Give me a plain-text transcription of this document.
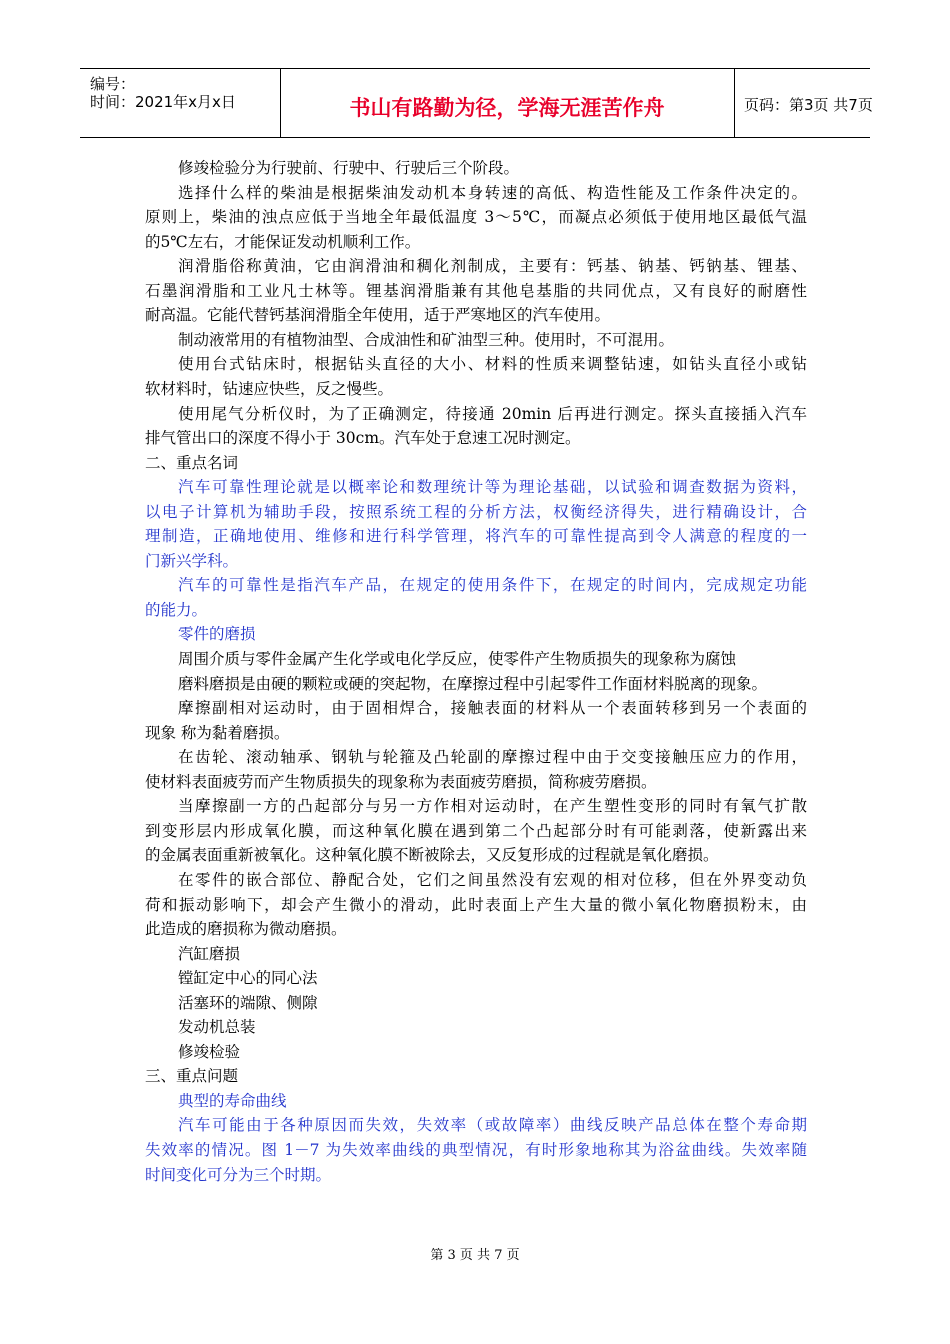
编号：
时间：2021年x月x日	书山有路勤为径，学海无涯苦作舟	页码：第3页 共7页
修竣检验分为行驶前、行驶中、行驶后三个阶段。
选择什么样的柴油是根据柴油发动机本身转速的高低、构造性能及工作条件决定的。
原则上，柴油的浊点应低于当地全年最低温度 3～5℃，而凝点必须低于使用地区最低气温
的5℃左右，才能保证发动机顺利工作。
润滑脂俗称黄油，它由润滑油和稠化剂制成，主要有：钙基、钠基、钙钠基、锂基、
石墨润滑脂和工业凡士林等。锂基润滑脂兼有其他皂基脂的共同优点，又有良好的耐磨性
耐高温。它能代替钙基润滑脂全年使用，适于严寒地区的汽车使用。
制动液常用的有植物油型、合成油性和矿油型三种。使用时，不可混用。
使用台式钻床时，根据钻头直径的大小、材料的性质来调整钻速，如钻头直径小或钻
软材料时，钻速应快些，反之慢些。
使用尾气分析仪时，为了正确测定，待接通 20min 后再进行测定。探头直接插入汽车
排气管出口的深度不得小于 30cm。汽车处于怠速工况时测定。
二、重点名词
汽车可靠性理论就是以概率论和数理统计等为理论基础，以试验和调查数据为资料，
以电子计算机为辅助手段，按照系统工程的分析方法，权衡经济得失，进行精确设计，合
理制造，正确地使用、维修和进行科学管理，将汽车的可靠性提高到令人满意的程度的一
门新兴学科。
汽车的可靠性是指汽车产品，在规定的使用条件下，在规定的时间内，完成规定功能
的能力。
零件的磨损
周围介质与零件金属产生化学或电化学反应，使零件产生物质损失的现象称为腐蚀
磨料磨损是由硬的颗粒或硬的突起物，在摩擦过程中引起零件工作面材料脱离的现象。
摩擦副相对运动时，由于固相焊合，接触表面的材料从一个表面转移到另一个表面的
现象 称为黏着磨损。
在齿轮、滚动轴承、钢轨与轮箍及凸轮副的摩擦过程中由于交变接触压应力的作用，
使材料表面疲劳而产生物质损失的现象称为表面疲劳磨损，简称疲劳磨损。
当摩擦副一方的凸起部分与另一方作相对运动时，在产生塑性变形的同时有氧气扩散
到变形层内形成氧化膜，而这种氧化膜在遇到第二个凸起部分时有可能剥落，使新露出来
的金属表面重新被氧化。这种氧化膜不断被除去，又反复形成的过程就是氧化磨损。
在零件的嵌合部位、静配合处，它们之间虽然没有宏观的相对位移，但在外界变动负
荷和振动影响下，却会产生微小的滑动，此时表面上产生大量的微小氧化物磨损粉末，由
此造成的磨损称为微动磨损。
汽缸磨损
镗缸定中心的同心法
活塞环的端隙、侧隙
发动机总装
修竣检验
三、重点问题
典型的寿命曲线
汽车可能由于各种原因而失效，失效率（或故障率）曲线反映产品总体在整个寿命期
失效率的情况。图 1－7 为失效率曲线的典型情况，有时形象地称其为浴盆曲线。失效率随
时间变化可分为三个时期。
第 3 页 共 7 页
